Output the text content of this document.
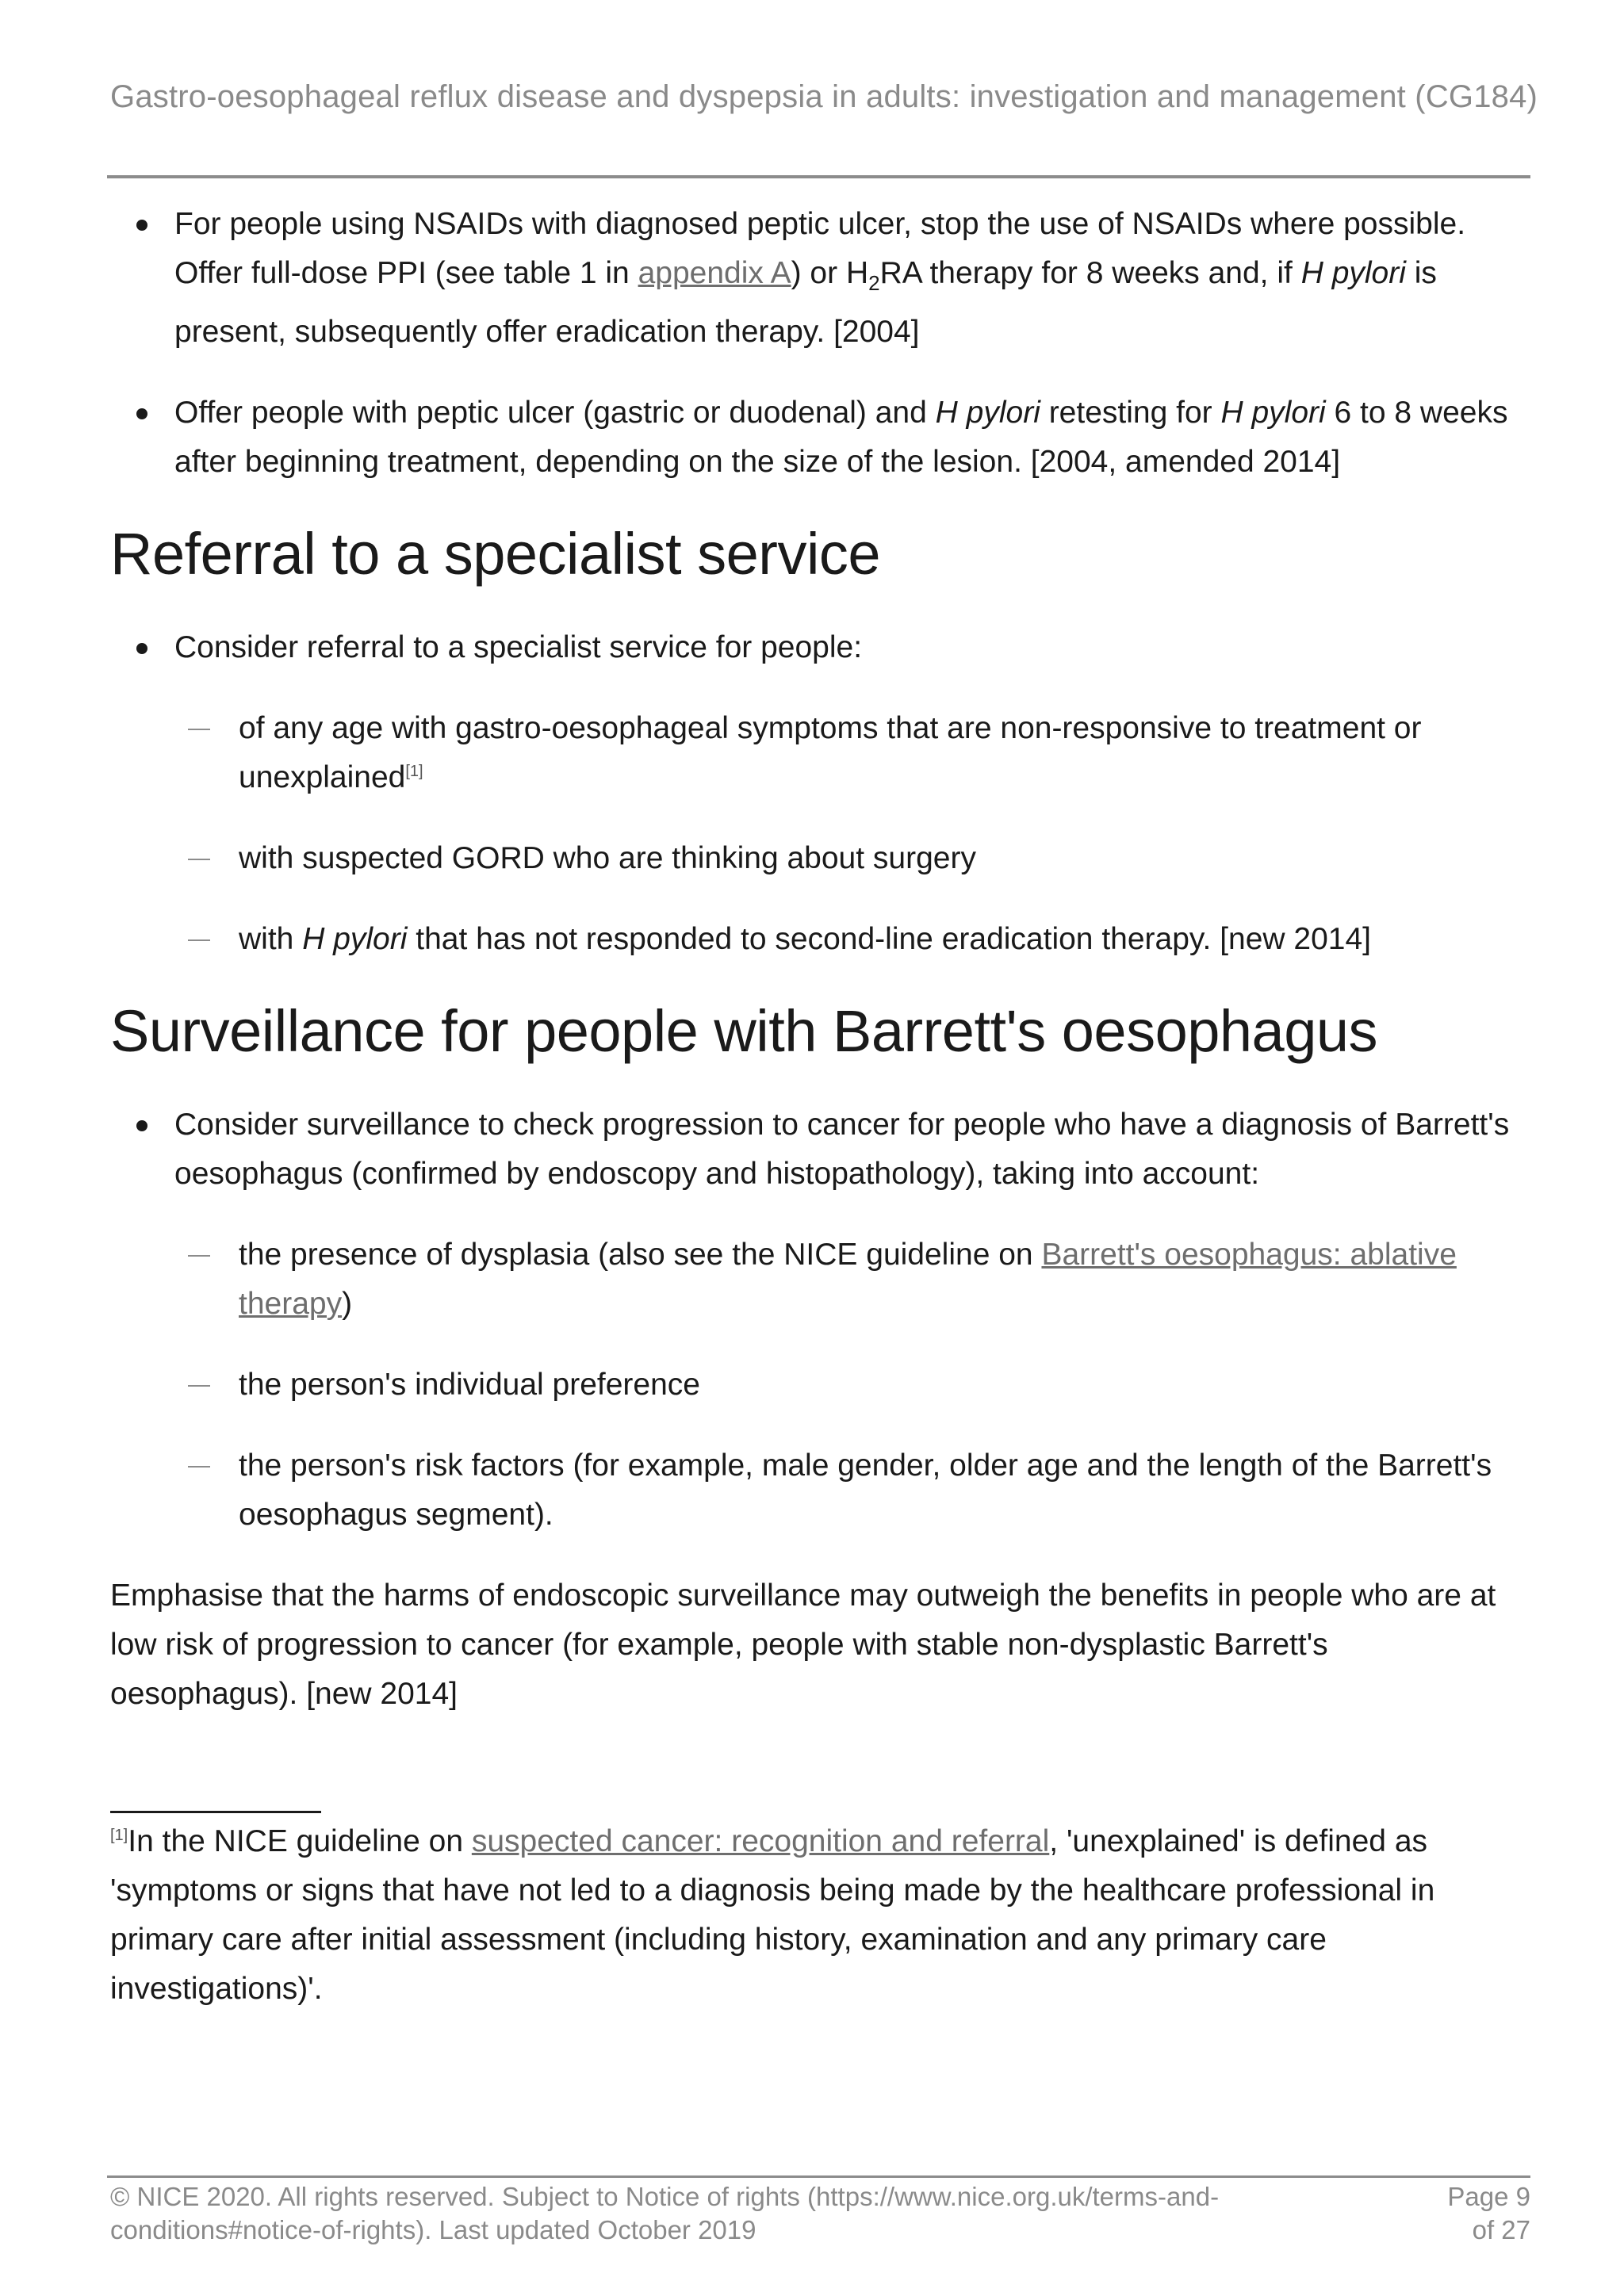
Gastro-oesophageal reflux disease and dyspepsia in adults: investigation and management (CG184)
For people using NSAIDs with diagnosed peptic ulcer, stop the use of NSAIDs where possible. Offer full-dose PPI (see table 1 in appendix A) or $H_2RA$ therapy for 8 weeks and, if H pylori is present, subsequently offer eradication therapy. [2004]
Offer people with peptic ulcer (gastric or duodenal) and H pylori retesting for H pylori 6 to 8 weeks after beginning treatment, depending on the size of the lesion. [2004, amended 2014]
Referral to a specialist service
Consider referral to a specialist service for people:
of any age with gastro-oesophageal symptoms that are non-responsive to treatment or unexplained[1]
with suspected GORD who are thinking about surgery
with H pylori that has not responded to second-line eradication therapy. [new 2014]
Surveillance for people with Barrett's oesophagus
Consider surveillance to check progression to cancer for people who have a diagnosis of Barrett's oesophagus (confirmed by endoscopy and histopathology), taking into account:
the presence of dysplasia (also see the NICE guideline on Barrett's oesophagus: ablative therapy)
the person's individual preference
the person's risk factors (for example, male gender, older age and the length of the Barrett's oesophagus segment).

Emphasise that the harms of endoscopic surveillance may outweigh the benefits in people who are at low risk of progression to cancer (for example, people with stable non-dysplastic Barrett's oesophagus). [new 2014]

[1]In the NICE guideline on suspected cancer: recognition and referral, 'unexplained' is defined as 'symptoms or signs that have not led to a diagnosis being made by the healthcare professional in primary care after initial assessment (including history, examination and any primary care investigations)'.
© NICE 2020. All rights reserved. Subject to Notice of rights (https://www.nice.org.uk/terms-and-conditions#notice-of-rights). Last updated October 2019
Page 9
of 27
